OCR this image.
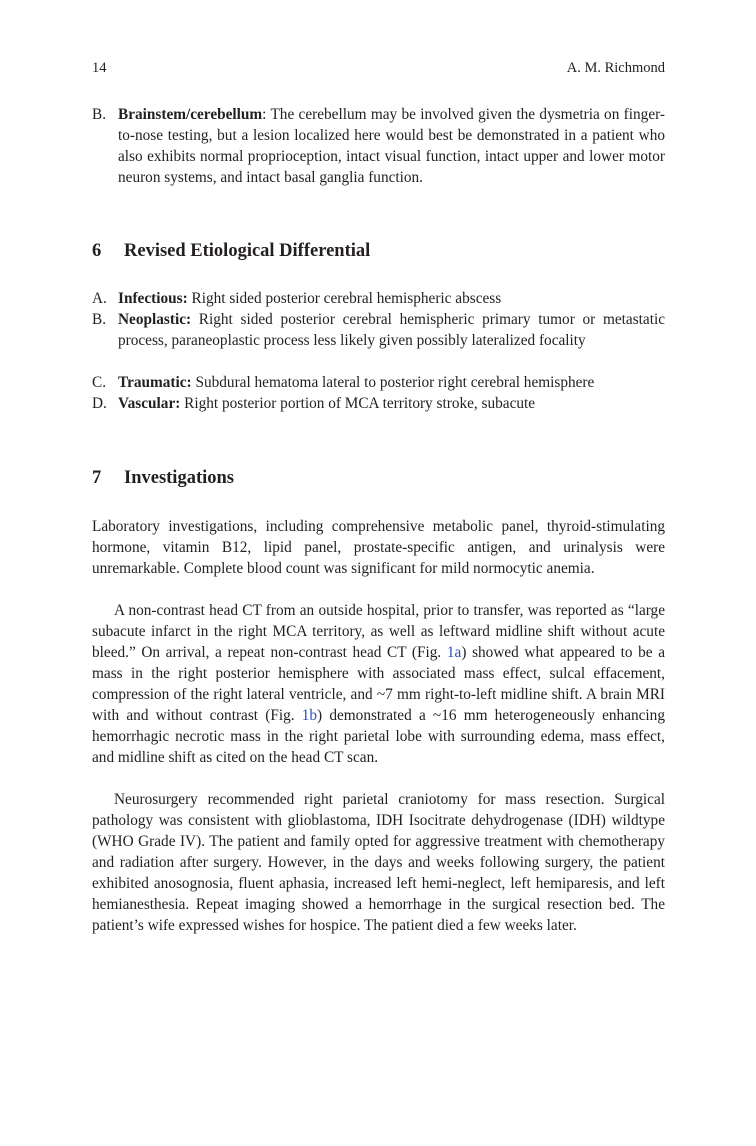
14	A. M. Richmond
B. Brainstem/cerebellum: The cerebellum may be involved given the dysmetria on finger-to-nose testing, but a lesion localized here would best be demonstrated in a patient who also exhibits normal proprioception, intact visual function, intact upper and lower motor neuron systems, and intact basal ganglia function.
6 Revised Etiological Differential
A. Infectious: Right sided posterior cerebral hemispheric abscess
B. Neoplastic: Right sided posterior cerebral hemispheric primary tumor or metastatic process, paraneoplastic process less likely given possibly lateralized focality
C. Traumatic: Subdural hematoma lateral to posterior right cerebral hemisphere
D. Vascular: Right posterior portion of MCA territory stroke, subacute
7 Investigations

Laboratory investigations, including comprehensive metabolic panel, thyroid-stimulating hormone, vitamin B12, lipid panel, prostate-specific antigen, and urinalysis were unremarkable. Complete blood count was significant for mild normocytic anemia.

A non-contrast head CT from an outside hospital, prior to transfer, was reported as “large subacute infarct in the right MCA territory, as well as leftward midline shift without acute bleed.” On arrival, a repeat non-contrast head CT (Fig. 1a) showed what appeared to be a mass in the right posterior hemisphere with associated mass effect, sulcal effacement, compression of the right lateral ventricle, and ~7 mm right-to-left midline shift. A brain MRI with and without contrast (Fig. 1b) demonstrated a ~16 mm heterogeneously enhancing hemorrhagic necrotic mass in the right parietal lobe with surrounding edema, mass effect, and midline shift as cited on the head CT scan.

Neurosurgery recommended right parietal craniotomy for mass resection. Surgical pathology was consistent with glioblastoma, IDH Isocitrate dehydrogenase (IDH) wildtype (WHO Grade IV). The patient and family opted for aggressive treatment with chemotherapy and radiation after surgery. However, in the days and weeks following surgery, the patient exhibited anosognosia, fluent aphasia, increased left hemi-neglect, left hemiparesis, and left hemianesthesia. Repeat imaging showed a hemorrhage in the surgical resection bed. The patient’s wife expressed wishes for hospice. The patient died a few weeks later.
